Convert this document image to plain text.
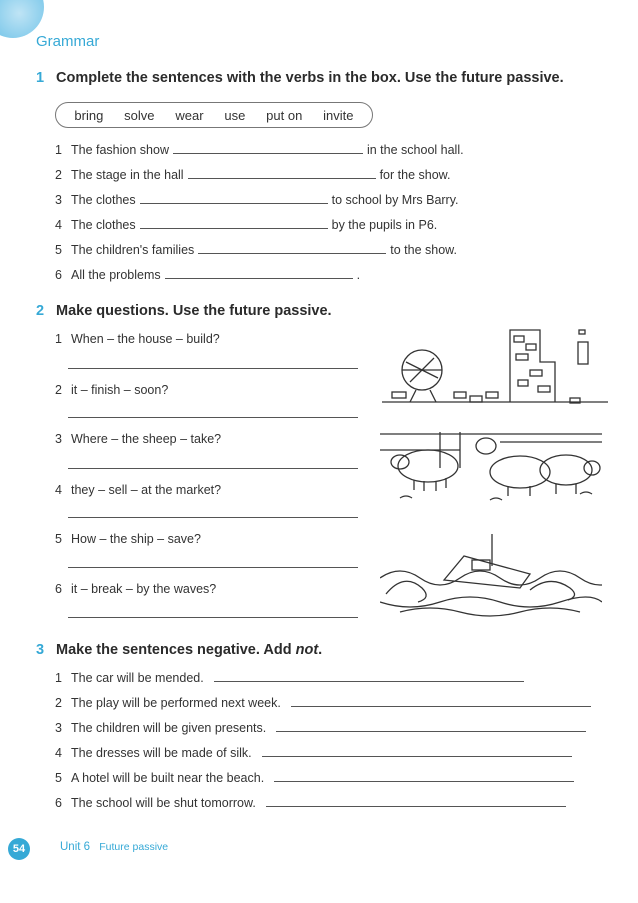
Grammar
1 Complete the sentences with the verbs in the box. Use the future passive.
bring solve wear use put on invite
1 The fashion show	in the school hall.
2 The stage in the hall	for the show.
3 The clothes	to school by Mrs Barry.
4 The clothes	by the pupils in P6.
5 The children's families	to the show.
6 All the problems	.
2 Make questions. Use the future passive.
1 When – the house – build?
2 it – finish – soon?
3 Where – the sheep – take?
4 they – sell – at the market?
5 How – the ship – save?
6 it – break – by the waves?
3 Make the sentences negative. Add not.
1 The car will be mended.
2 The play will be performed next week.
3 The children will be given presents.
4 The dresses will be made of silk.
5 A hotel will be built near the beach.
6 The school will be shut tomorrow.
54	Unit 6 Future passive
